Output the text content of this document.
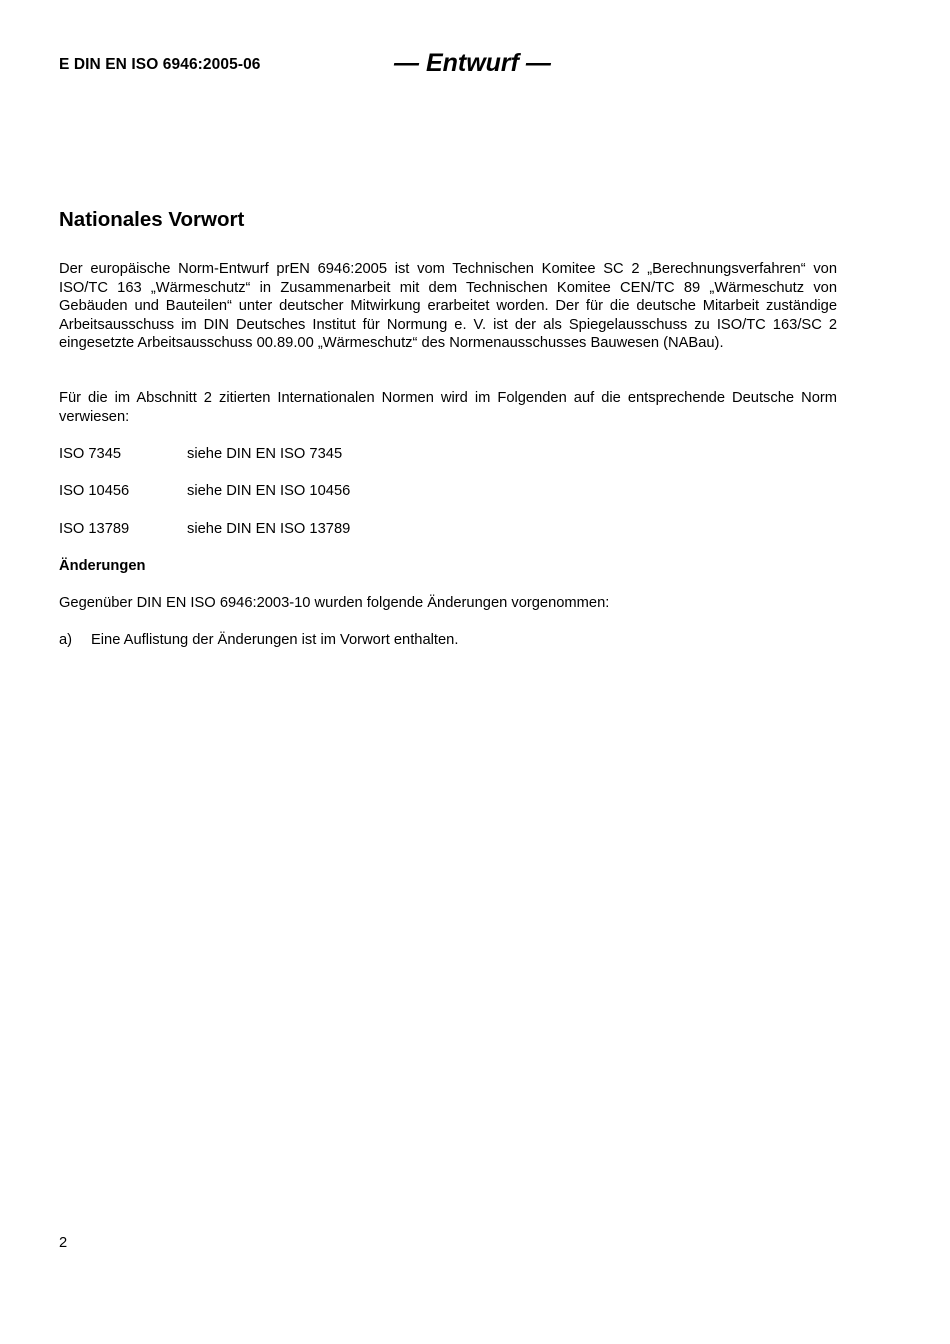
E DIN EN ISO 6946:2005-06	— Entwurf —
Nationales Vorwort
Der europäische Norm-Entwurf prEN 6946:2005 ist vom Technischen Komitee SC 2 „Berechnungsverfahren“ von ISO/TC 163 „Wärmeschutz“ in Zusammenarbeit mit dem Technischen Komitee CEN/TC 89 „Wärmeschutz von Gebäuden und Bauteilen“ unter deutscher Mitwirkung erarbeitet worden. Der für die deutsche Mitarbeit zuständige Arbeitsausschuss im DIN Deutsches Institut für Normung e. V. ist der als Spiegelausschuss zu ISO/TC 163/SC 2 eingesetzte Arbeitsausschuss 00.89.00 „Wärmeschutz“ des Normenausschusses Bauwesen (NABau).
Für die im Abschnitt 2 zitierten Internationalen Normen wird im Folgenden auf die entsprechende Deutsche Norm verwiesen:
ISO 7345	siehe DIN EN ISO 7345
ISO 10456	siehe DIN EN ISO 10456
ISO 13789	siehe DIN EN ISO 13789
Änderungen
Gegenüber DIN EN ISO 6946:2003-10 wurden folgende Änderungen vorgenommen:
a) Eine Auflistung der Änderungen ist im Vorwort enthalten.
2
